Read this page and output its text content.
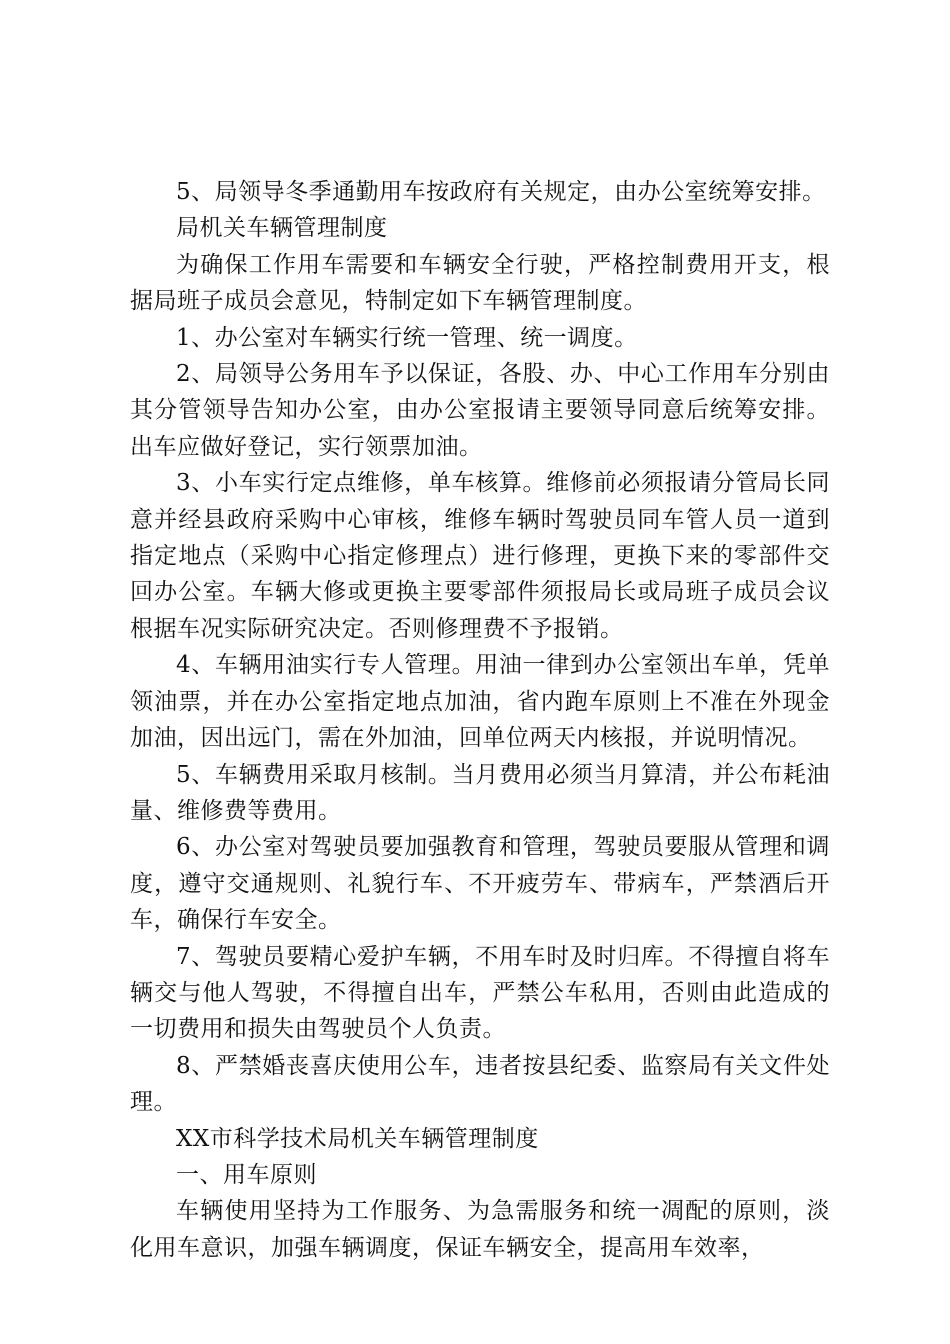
5、局领导冬季通勤用车按政府有关规定，由办公室统筹安排。

局机关车辆管理制度

为确保工作用车需要和车辆安全行驶，严格控制费用开支，根据局班子成员会意见，特制定如下车辆管理制度。

1、办公室对车辆实行统一管理、统一调度。

2、局领导公务用车予以保证，各股、办、中心工作用车分别由其分管领导告知办公室，由办公室报请主要领导同意后统筹安排。出车应做好登记，实行领票加油。

3、小车实行定点维修，单车核算。维修前必须报请分管局长同意并经县政府采购中心审核，维修车辆时驾驶员同车管人员一道到指定地点（采购中心指定修理点）进行修理，更换下来的零部件交回办公室。车辆大修或更换主要零部件须报局长或局班子成员会议根据车况实际研究决定。否则修理费不予报销。

4、车辆用油实行专人管理。用油一律到办公室领出车单，凭单领油票，并在办公室指定地点加油，省内跑车原则上不准在外现金加油，因出远门，需在外加油，回单位两天内核报，并说明情况。

5、车辆费用采取月核制。当月费用必须当月算清，并公布耗油量、维修费等费用。

6、办公室对驾驶员要加强教育和管理，驾驶员要服从管理和调度，遵守交通规则、礼貌行车、不开疲劳车、带病车，严禁酒后开车，确保行车安全。

7、驾驶员要精心爱护车辆，不用车时及时归库。不得擅自将车辆交与他人驾驶，不得擅自出车，严禁公车私用，否则由此造成的一切费用和损失由驾驶员个人负责。

8、严禁婚丧喜庆使用公车，违者按县纪委、监察局有关文件处理。

XX市科学技术局机关车辆管理制度

一、用车原则

车辆使用坚持为工作服务、为急需服务和统一凋配的原则，淡化用车意识，加强车辆调度，保证车辆安全，提高用车效率，
